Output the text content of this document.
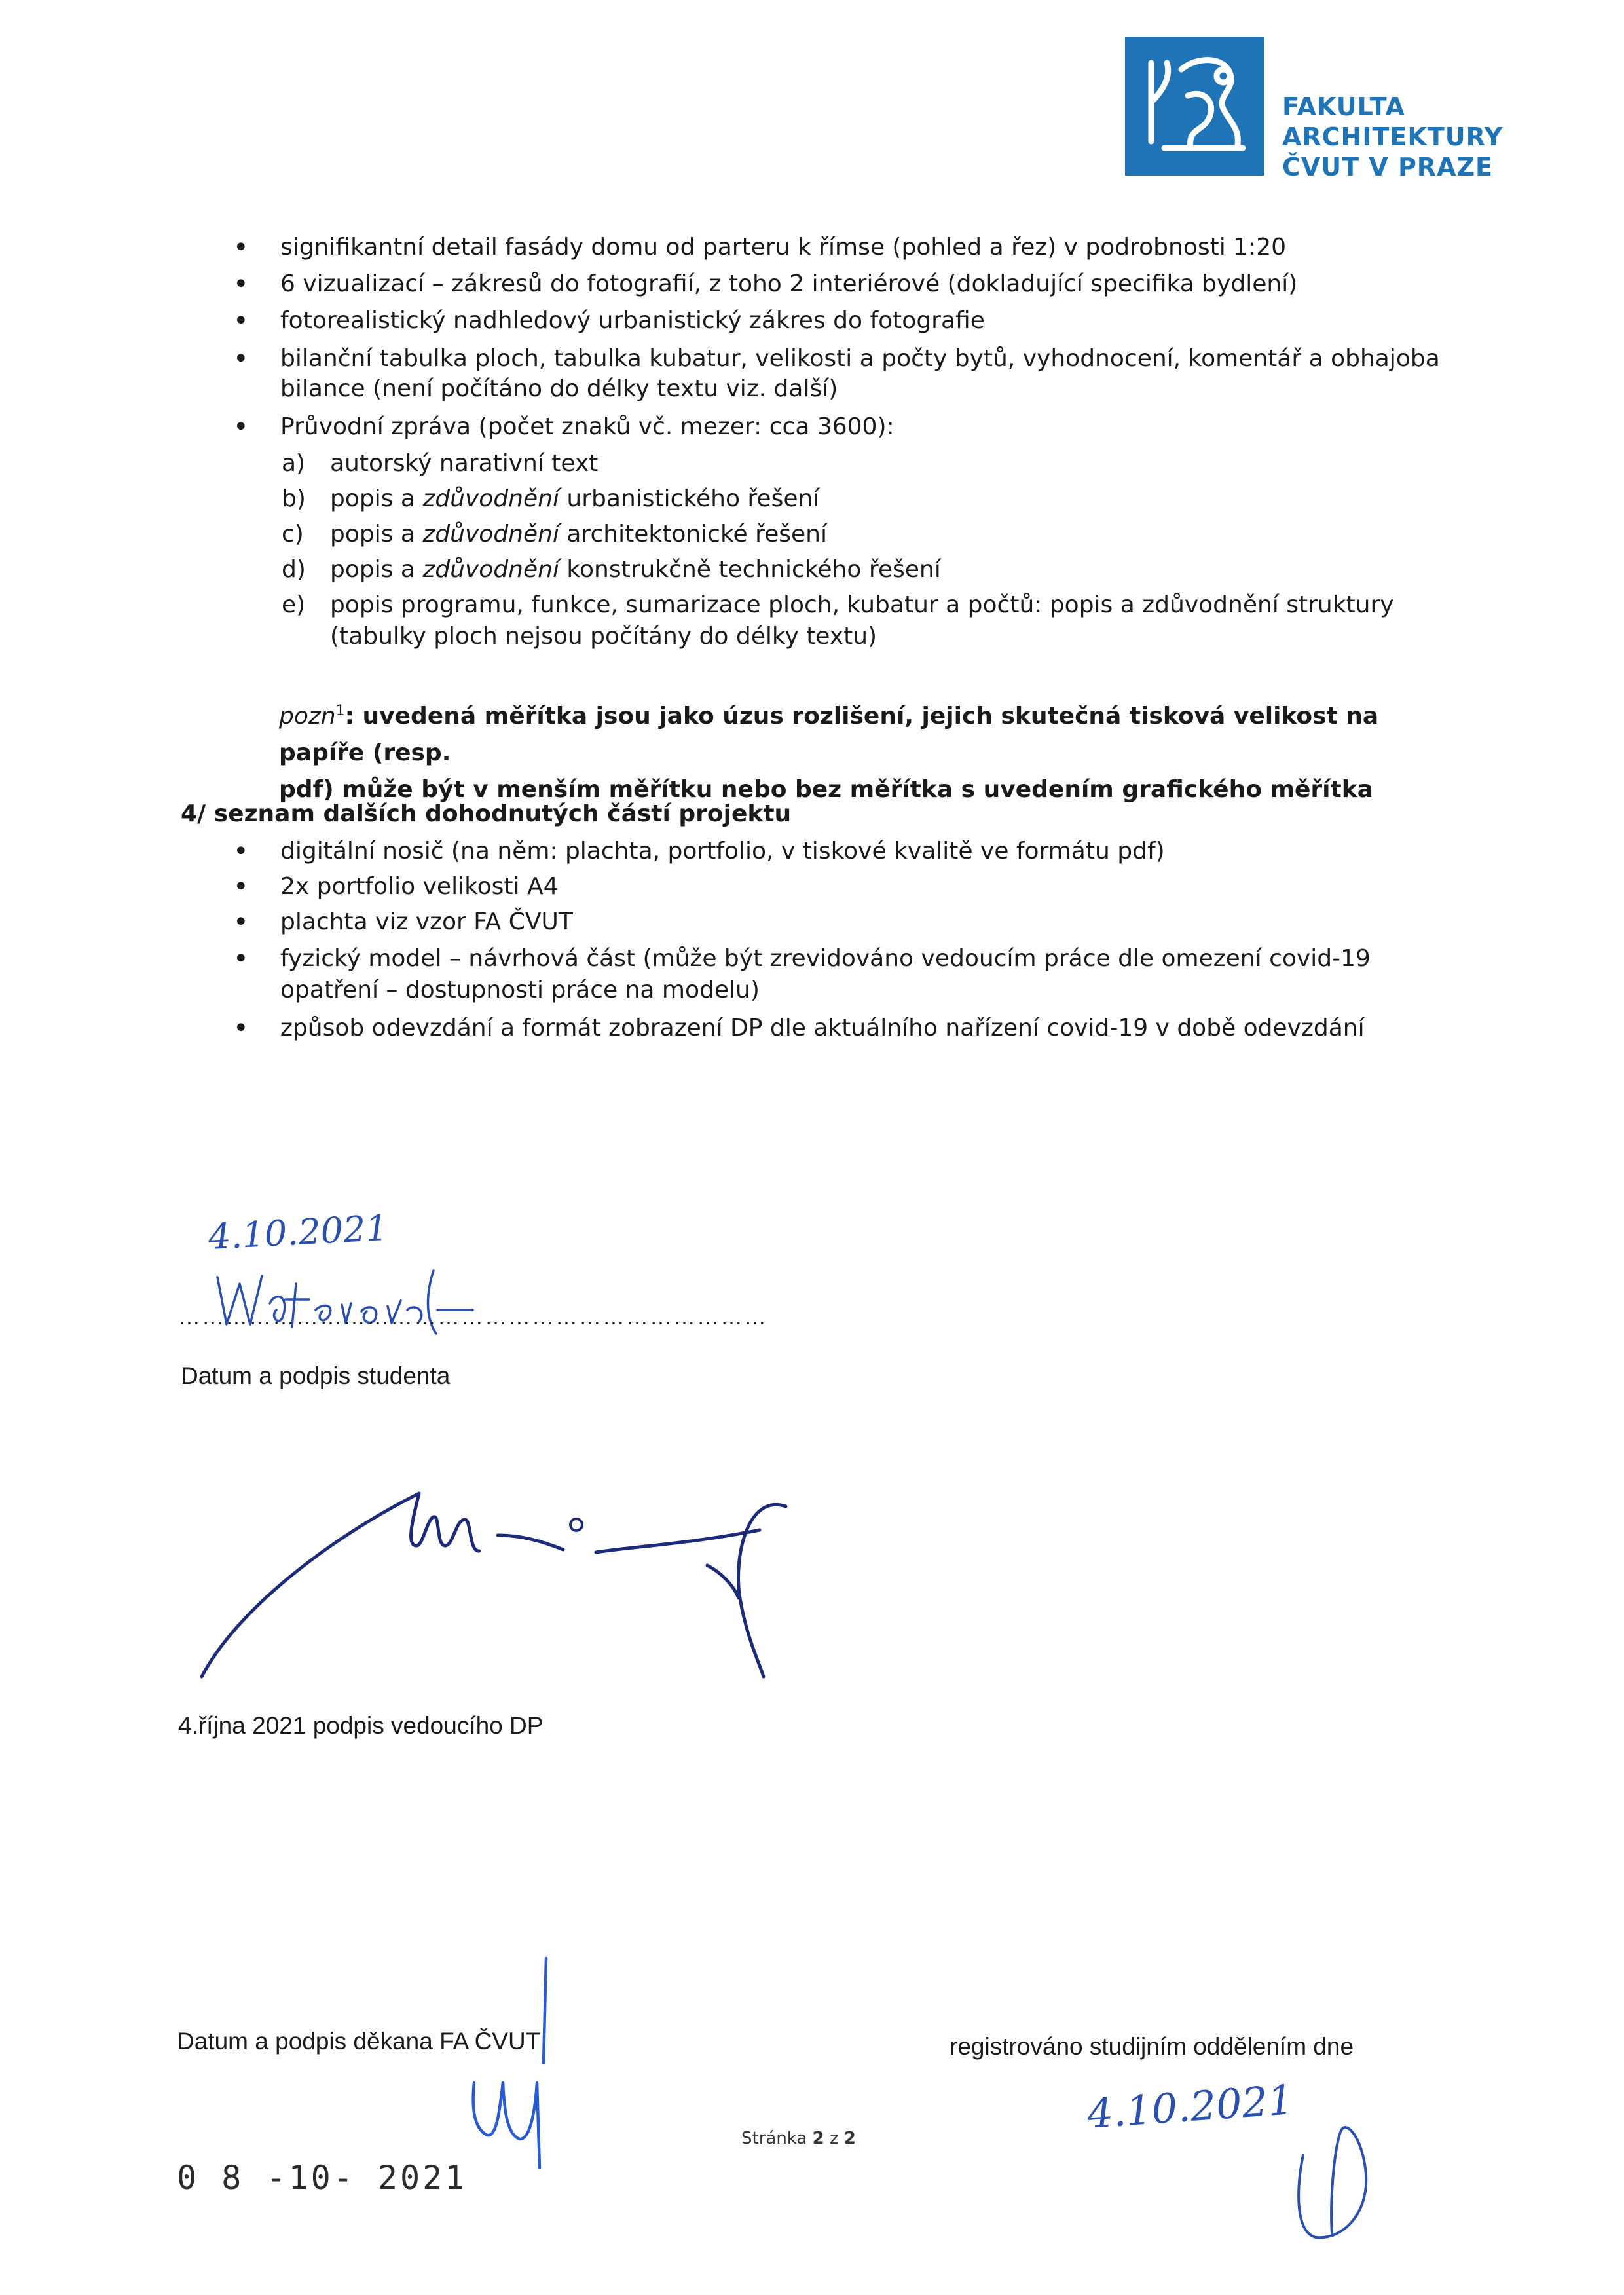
FAKULTA
ARCHITEKTURY
ČVUT V PRAZE
• signifikantní detail fasády domu od parteru k římse (pohled a řez) v podrobnosti 1:20
• 6 vizualizací – zákresů do fotografií, z toho 2 interiérové (dokladující specifika bydlení)
• fotorealistický nadhledový urbanistický zákres do fotografie
• bilanční tabulka ploch, tabulka kubatur, velikosti a počty bytů, vyhodnocení, komentář a obhajoba
bilance (není počítáno do délky textu viz. další)
• Průvodní zpráva (počet znaků vč. mezer: cca 3600):
a) autorský narativní text
b) popis a zdůvodnění urbanistického řešení
c) popis a zdůvodnění architektonické řešení
d) popis a zdůvodnění konstrukčně technického řešení
e) popis programu, funkce, sumarizace ploch, kubatur a počtů: popis a zdůvodnění struktury
(tabulky ploch nejsou počítány do délky textu)
pozn$^1$: uvedená měřítka jsou jako úzus rozlišení, jejich skutečná tisková velikost na papíře (resp.
pdf) může být v menším měřítku nebo bez měřítka s uvedením grafického měřítka
4/ seznam dalších dohodnutých částí projektu
• digitální nosič (na něm: plachta, portfolio, v tiskové kvalitě ve formátu pdf)
• 2x portfolio velikosti A4
• plachta viz vzor FA ČVUT
• fyzický model – návrhová část (může být zrevidováno vedoucím práce dle omezení covid-19
opatření – dostupnosti práce na modelu)
• způsob odevzdání a formát zobrazení DP dle aktuálního nařízení covid-19 v době odevzdání
4.10.2021
…………………………………………………………………
Datum a podpis studenta
4.října 2021 podpis vedoucího DP
Datum a podpis děkana FA ČVUT
0 8 -10- 2021
registrováno studijním oddělením dne
4.10.2021
Stránka 2 z 2
